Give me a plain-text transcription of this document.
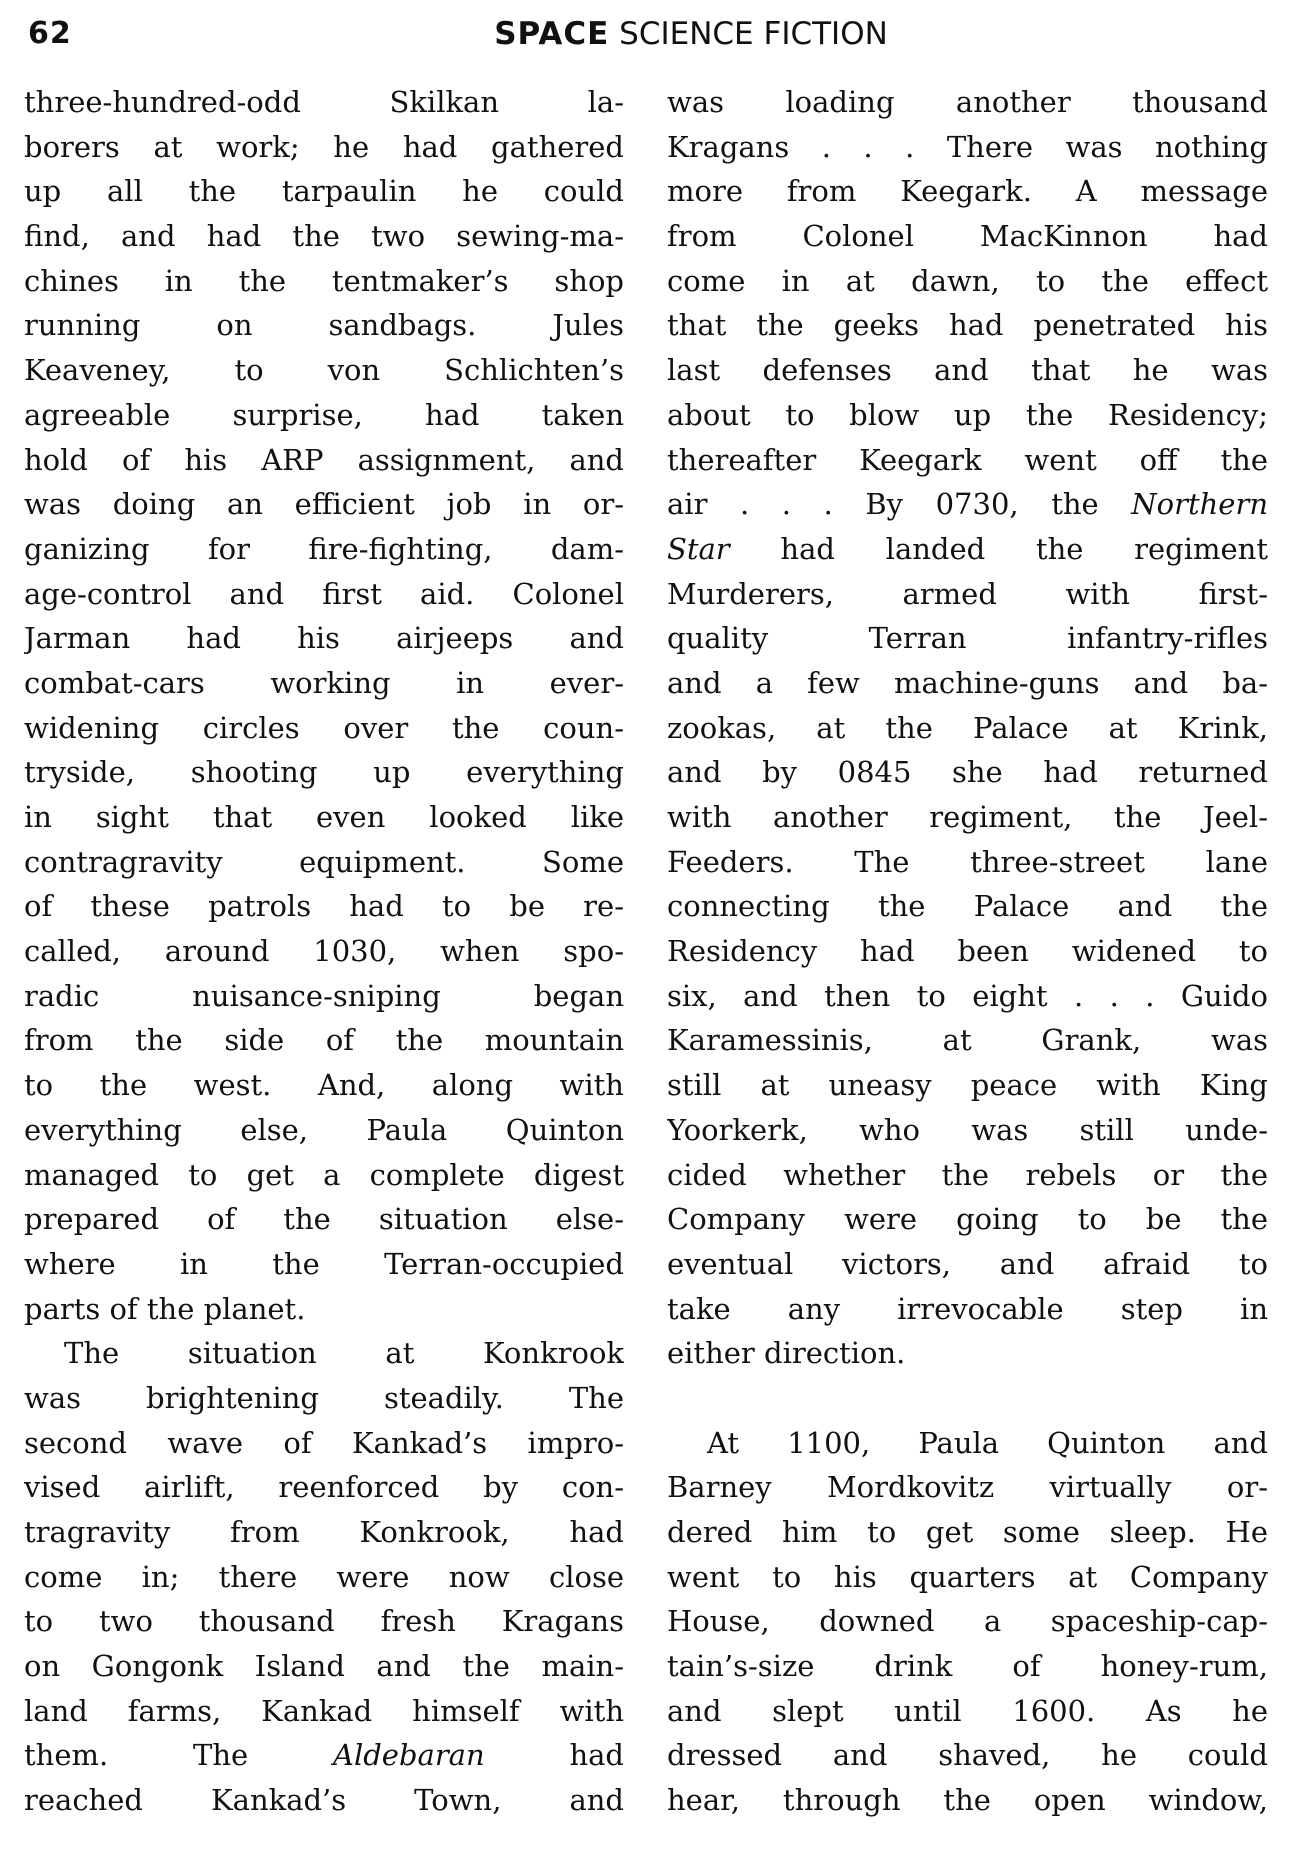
62	SPACE SCIENCE FICTION
three-hundred-odd Skilkan la-
borers at work; he had gathered
up all the tarpaulin he could
find, and had the two sewing-ma-
chines in the tentmaker’s shop
running on sandbags. Jules
Keaveney, to von Schlichten’s
agreeable surprise, had taken
hold of his ARP assignment, and
was doing an efficient job in or-
ganizing for fire-fighting, dam-
age-control and first aid. Colonel
Jarman had his airjeeps and
combat-cars working in ever-
widening circles over the coun-
tryside, shooting up everything
in sight that even looked like
contragravity equipment. Some
of these patrols had to be re-
called, around 1030, when spo-
radic nuisance-sniping began
from the side of the mountain
to the west. And, along with
everything else, Paula Quinton
managed to get a complete digest
prepared of the situation else-
where in the Terran-occupied
parts of the planet.
The situation at Konkrook
was brightening steadily. The
second wave of Kankad’s impro-
vised airlift, reenforced by con-
tragravity from Konkrook, had
come in; there were now close
to two thousand fresh Kragans
on Gongonk Island and the main-
land farms, Kankad himself with
them. The Aldebaran had
reached Kankad’s Town, and
was loading another thousand
Kragans . . . There was nothing
more from Keegark. A message
from Colonel MacKinnon had
come in at dawn, to the effect
that the geeks had penetrated his
last defenses and that he was
about to blow up the Residency;
thereafter Keegark went off the
air . . . By 0730, the Northern
Star had landed the regiment
Murderers, armed with first-
quality Terran infantry-rifles
and a few machine-guns and ba-
zookas, at the Palace at Krink,
and by 0845 she had returned
with another regiment, the Jeel-
Feeders. The three-street lane
connecting the Palace and the
Residency had been widened to
six, and then to eight . . . Guido
Karamessinis, at Grank, was
still at uneasy peace with King
Yoorkerk, who was still unde-
cided whether the rebels or the
Company were going to be the
eventual victors, and afraid to
take any irrevocable step in
either direction.
At 1100, Paula Quinton and
Barney Mordkovitz virtually or-
dered him to get some sleep. He
went to his quarters at Company
House, downed a spaceship-cap-
tain’s-size drink of honey-rum,
and slept until 1600. As he
dressed and shaved, he could
hear, through the open window,
